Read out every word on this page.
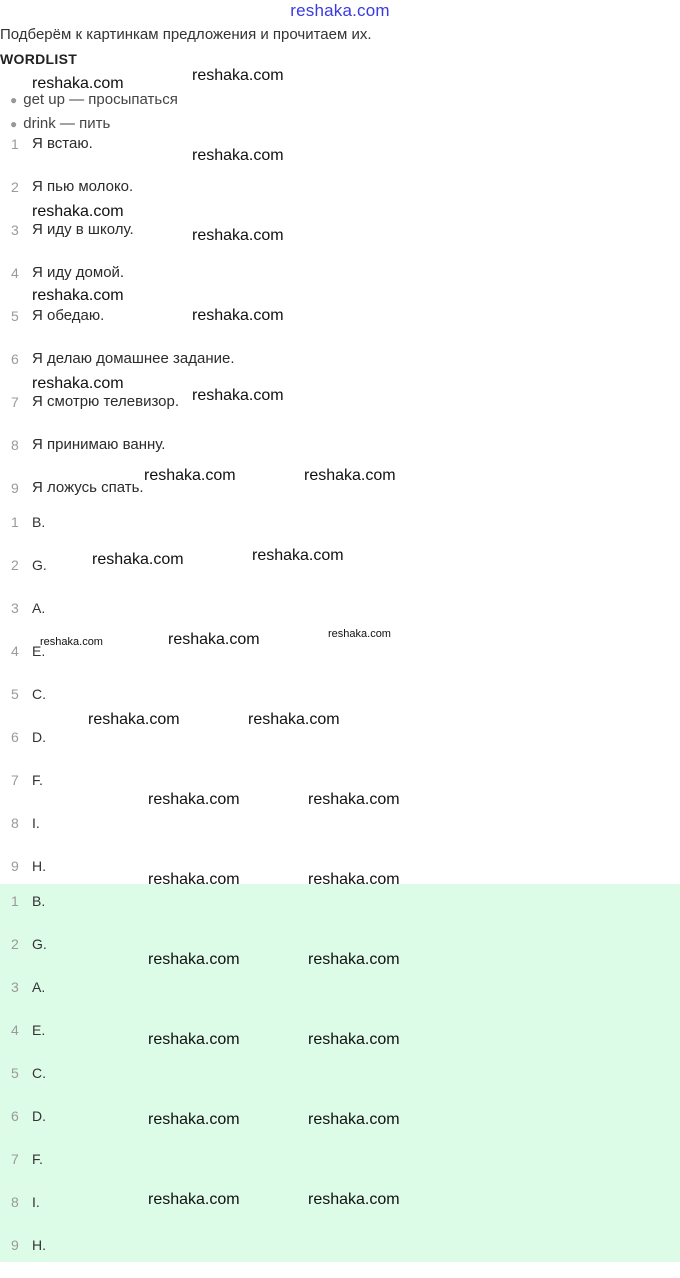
reshaka.com
Подберём к картинкам предложения и прочитаем их.
WORDLIST
● get up — просыпаться
● drink — пить
1 Я встаю.
2 Я пью молоко.
3 Я иду в школу.
4 Я иду домой.
5 Я обедаю.
6 Я делаю домашнее задание.
7 Я смотрю телевизор.
8 Я принимаю ванну.
9 Я ложусь спать.
1 B.
2 G.
3 A.
4 E.
5 C.
6 D.
7 F.
8 I.
9 H.
1 B.
2 G.
3 A.
4 E.
5 C.
6 D.
7 F.
8 I.
9 H.
reshaka.com
reshaka.com
reshaka.com
reshaka.com
reshaka.com
reshaka.com
reshaka.com
reshaka.com
reshaka.com
reshaka.com	reshaka.com
reshaka.com
reshaka.com
reshaka.com
reshaka.com
reshaka.com
reshaka.com	reshaka.com
reshaka.com	reshaka.com
reshaka.com	reshaka.com
reshaka.com	reshaka.com
reshaka.com	reshaka.com
reshaka.com	reshaka.com
reshaka.com	reshaka.com
